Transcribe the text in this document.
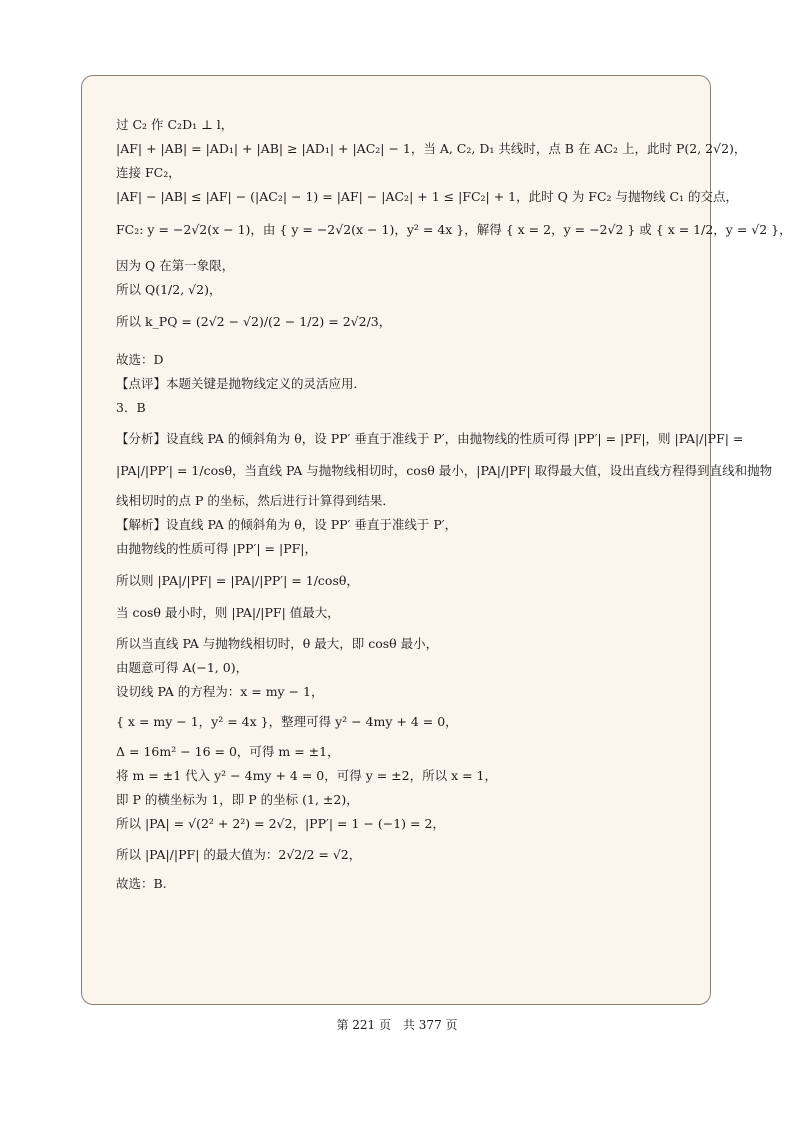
过 C₂ 作 C₂D₁ ⊥ l，
|AF| + |AB| = |AD₁| + |AB| ≥ |AD₁| + |AC₂| − 1，当 A, C₂, D₁ 共线时，点 B 在 AC₂ 上，此时 P(2, 2√2)，
连接 FC₂，
|AF| − |AB| ≤ |AF| − (|AC₂| − 1) = |AF| − |AC₂| + 1 ≤ |FC₂| + 1，此时 Q 为 FC₂ 与抛物线 C₁ 的交点，
FC₂: y = −2√2(x − 1)，由 { y = −2√2(x − 1)，y² = 4x }，解得 { x = 2，y = −2√2 } 或 { x = 1/2，y = √2 }，
因为 Q 在第一象限，
所以 Q(1/2, √2)，
所以 k_PQ = (2√2 − √2)/(2 − 1/2) = 2√2/3，
故选：D
【点评】本题关键是抛物线定义的灵活应用．
3．B
【分析】设直线 PA 的倾斜角为 θ，设 PP′ 垂直于准线于 P′，由抛物线的性质可得 |PP′| = |PF|，则 |PA|/|PF| =
|PA|/|PP′| = 1/cosθ，当直线 PA 与抛物线相切时，cosθ 最小，|PA|/|PF| 取得最大值，设出直线方程得到直线和抛物
线相切时的点 P 的坐标，然后进行计算得到结果．
【解析】设直线 PA 的倾斜角为 θ，设 PP′ 垂直于准线于 P′，
由抛物线的性质可得 |PP′| = |PF|，
所以则 |PA|/|PF| = |PA|/|PP′| = 1/cosθ，
当 cosθ 最小时，则 |PA|/|PF| 值最大，
所以当直线 PA 与抛物线相切时，θ 最大，即 cosθ 最小，
由题意可得 A(−1, 0)，
设切线 PA 的方程为：x = my − 1，
{ x = my − 1，y² = 4x }，整理可得 y² − 4my + 4 = 0，
Δ = 16m² − 16 = 0，可得 m = ±1，
将 m = ±1 代入 y² − 4my + 4 = 0，可得 y = ±2，所以 x = 1，
即 P 的横坐标为 1，即 P 的坐标 (1, ±2)，
所以 |PA| = √(2² + 2²) = 2√2，|PP′| = 1 − (−1) = 2，
所以 |PA|/|PF| 的最大值为：2√2/2 = √2，
故选：B.
第 221 页　共 377 页
